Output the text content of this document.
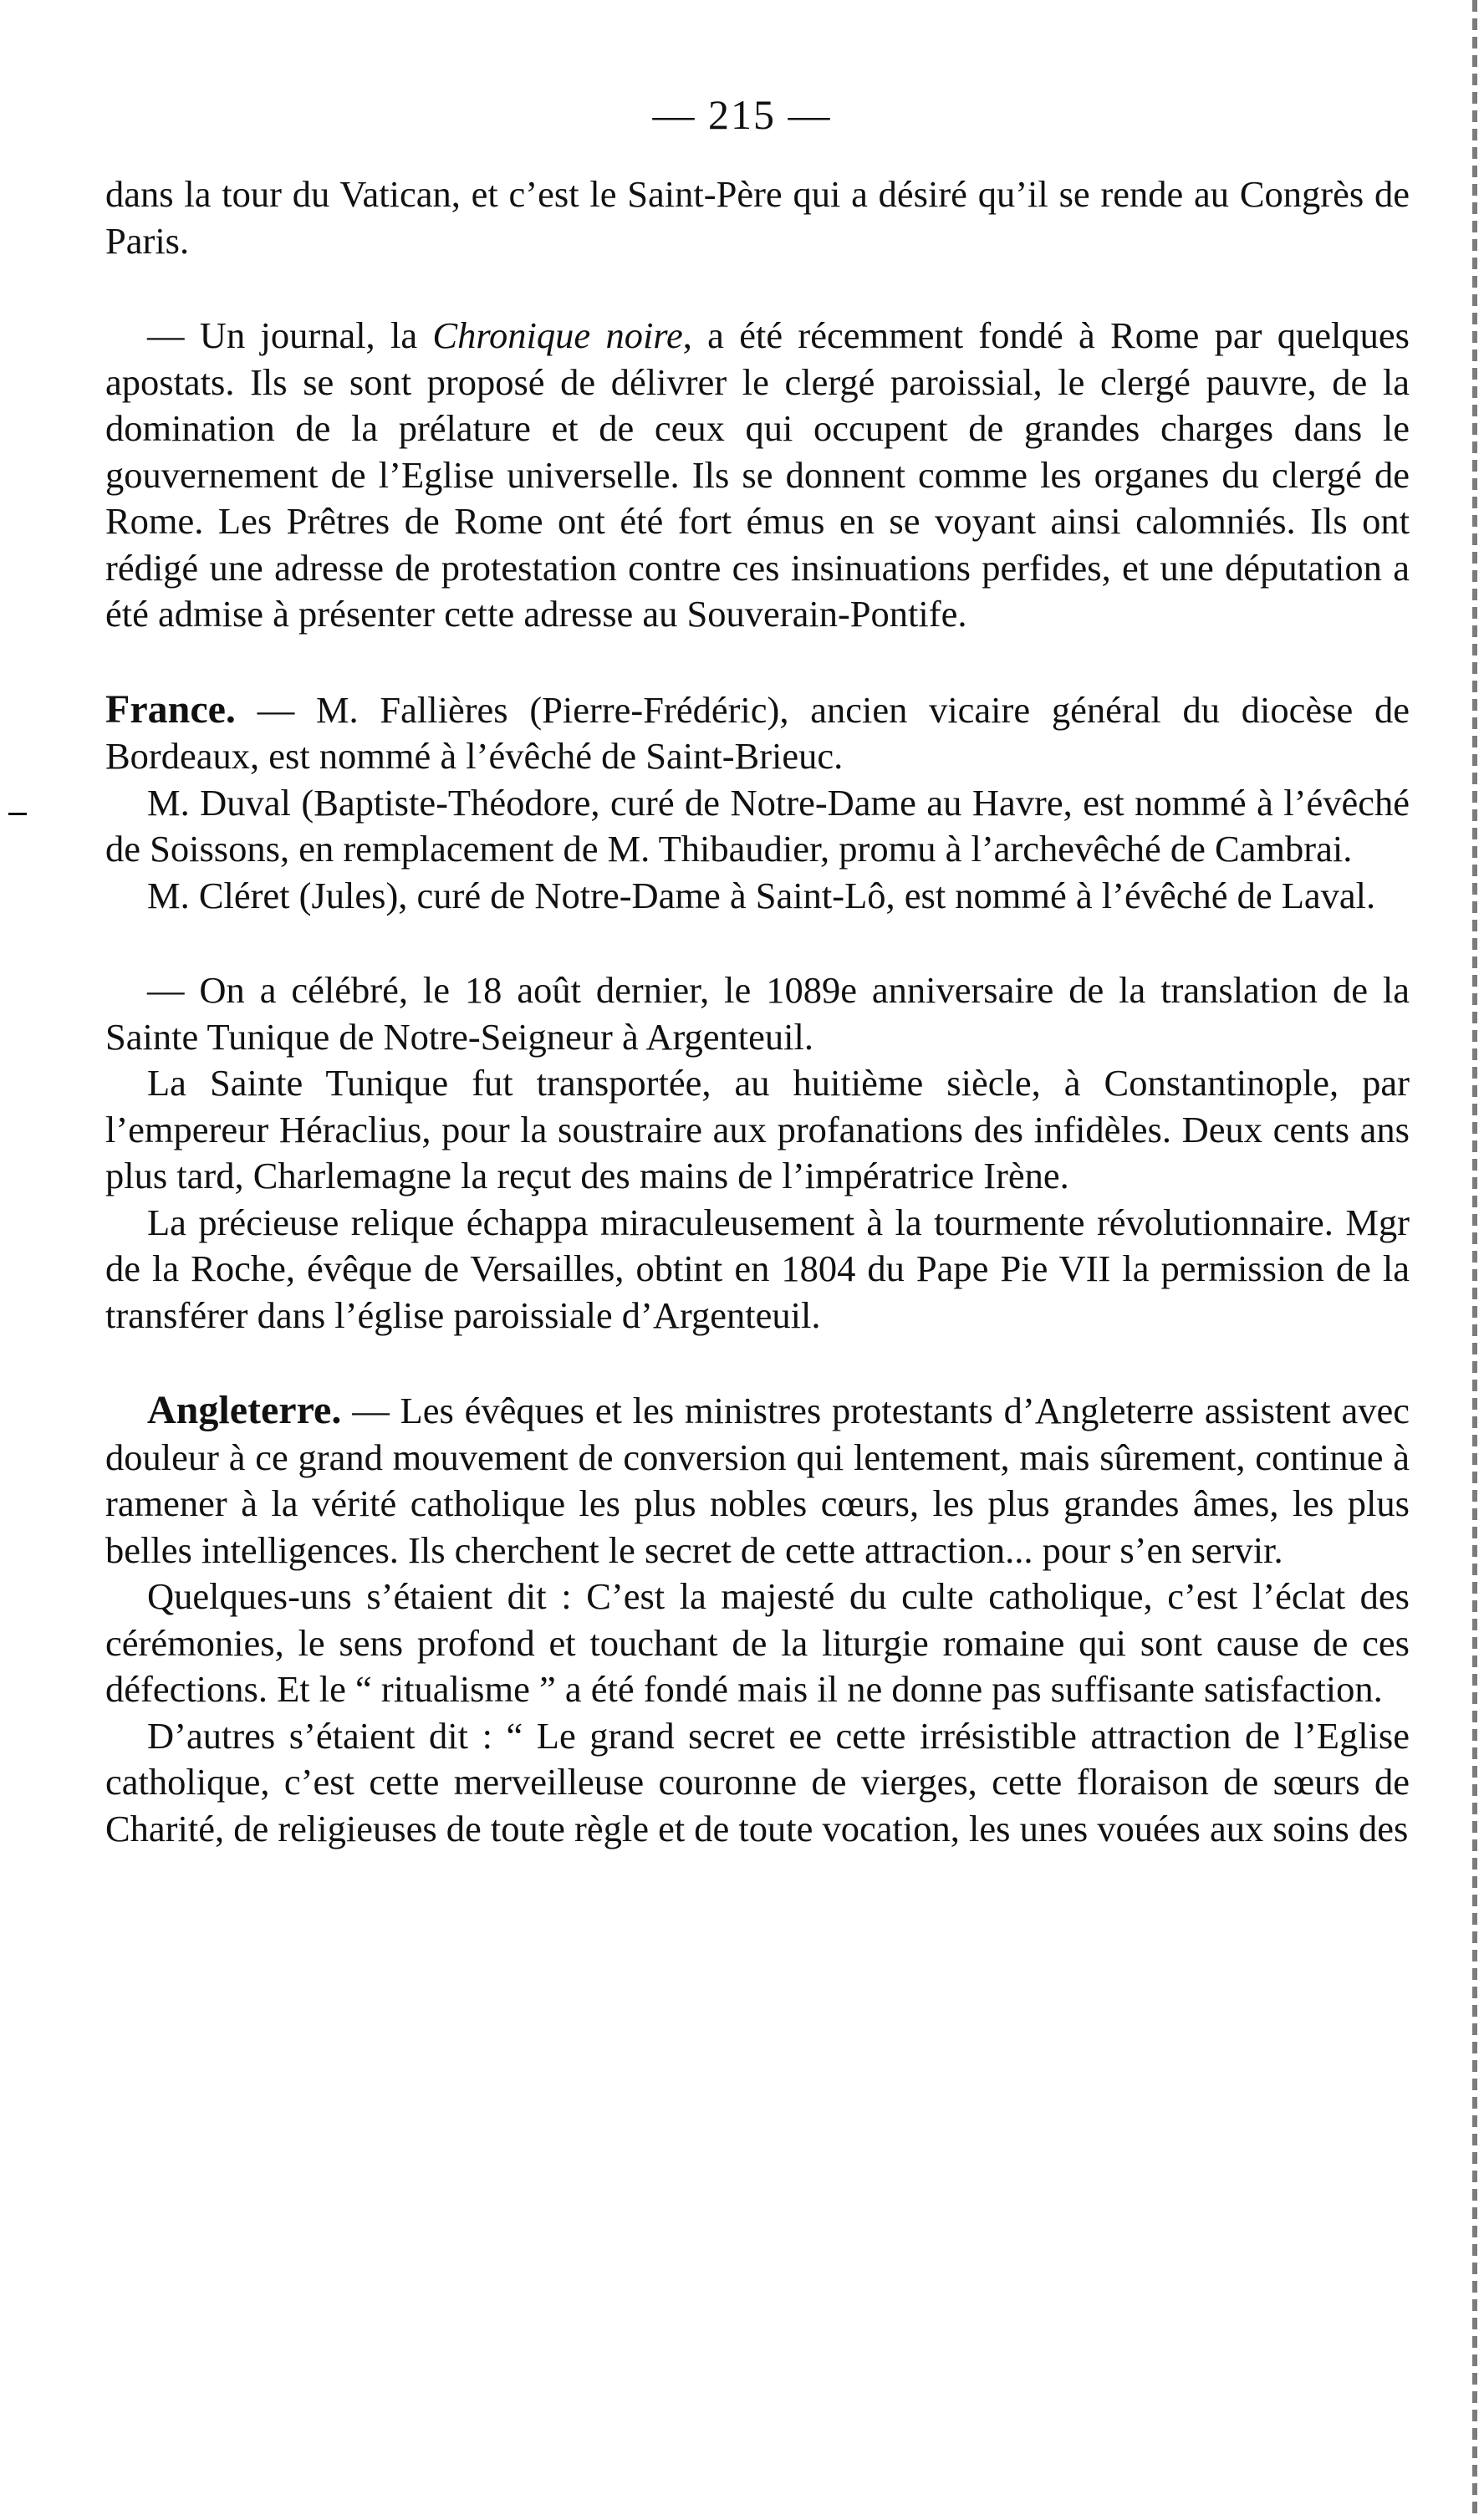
— 215 —

dans la tour du Vatican, et c’est le Saint-Père qui a désiré qu’il se rende au Congrès de Paris.

— Un journal, la Chronique noire, a été récemment fondé à Rome par quelques apostats. Ils se sont proposé de délivrer le clergé paroissial, le clergé pauvre, de la domination de la prélature et de ceux qui occupent de grandes charges dans le gouvernement de l’Eglise universelle. Ils se donnent comme les organes du clergé de Rome. Les Prêtres de Rome ont été fort émus en se voyant ainsi calomniés. Ils ont rédigé une adresse de protestation contre ces insinuations perfides, et une députation a été admise à présenter cette adresse au Souverain-Pontife.

France. — M. Fallières (Pierre-Frédéric), ancien vicaire général du diocèse de Bordeaux, est nommé à l’évêché de Saint-Brieuc.

M. Duval (Baptiste-Théodore, curé de Notre-Dame au Havre, est nommé à l’évêché de Soissons, en remplacement de M. Thibaudier, promu à l’archevêché de Cambrai.

M. Cléret (Jules), curé de Notre-Dame à Saint-Lô, est nommé à l’évêché de Laval.

— On a célébré, le 18 août dernier, le 1089e anniversaire de la translation de la Sainte Tunique de Notre-Seigneur à Argenteuil.

La Sainte Tunique fut transportée, au huitième siècle, à Constantinople, par l’empereur Héraclius, pour la soustraire aux profanations des infidèles. Deux cents ans plus tard, Charlemagne la reçut des mains de l’impératrice Irène.

La précieuse relique échappa miraculeusement à la tourmente révolutionnaire. Mgr de la Roche, évêque de Versailles, obtint en 1804 du Pape Pie VII la permission de la transférer dans l’église paroissiale d’Argenteuil.

Angleterre. — Les évêques et les ministres protestants d’Angleterre assistent avec douleur à ce grand mouvement de conversion qui lentement, mais sûrement, continue à ramener à la vérité catholique les plus nobles cœurs, les plus grandes âmes, les plus belles intelligences. Ils cherchent le secret de cette attraction... pour s’en servir.

Quelques-uns s’étaient dit : C’est la majesté du culte catholique, c’est l’éclat des cérémonies, le sens profond et touchant de la liturgie romaine qui sont cause de ces défections. Et le “ ritualisme ” a été fondé mais il ne donne pas suffisante satisfaction.

D’autres s’étaient dit : “ Le grand secret ee cette irrésistible attraction de l’Eglise catholique, c’est cette merveilleuse couronne de vierges, cette floraison de sœurs de Charité, de religieuses de toute règle et de toute vocation, les unes vouées aux soins des
